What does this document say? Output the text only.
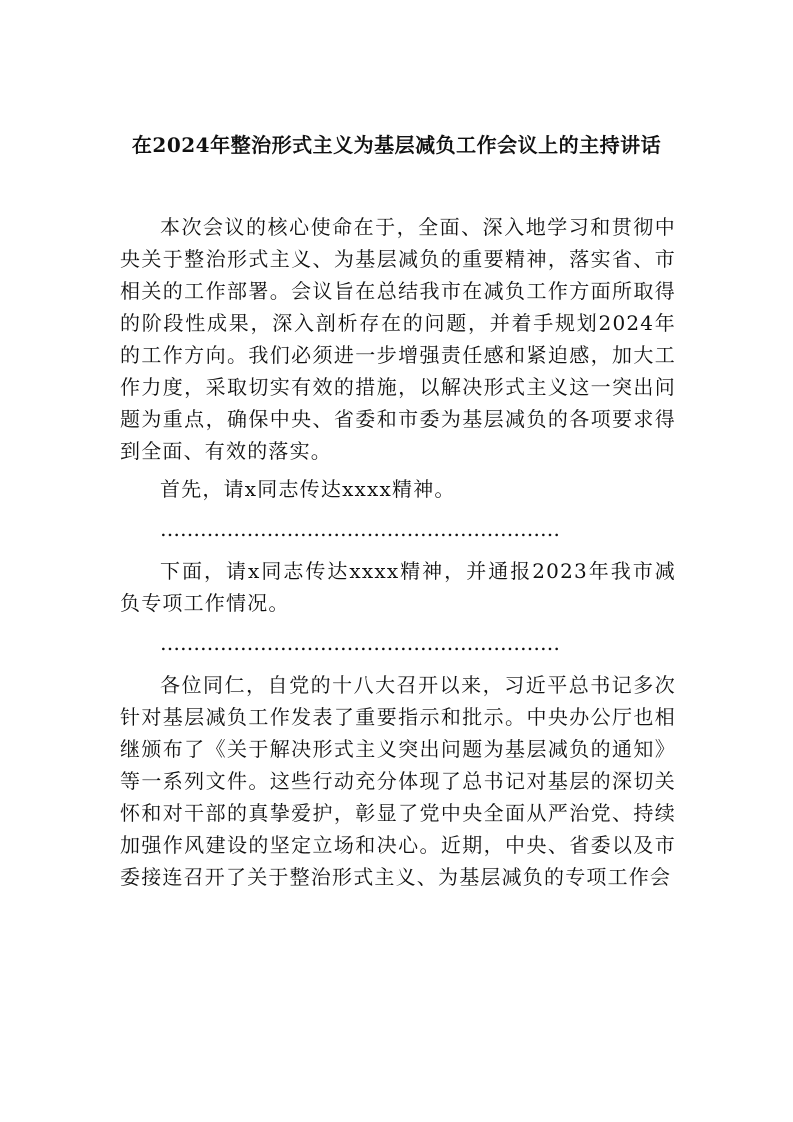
在2024年整治形式主义为基层减负工作会议上的主持讲话

本次会议的核心使命在于，全面、深入地学习和贯彻中央关于整治形式主义、为基层减负的重要精神，落实省、市相关的工作部署。会议旨在总结我市在减负工作方面所取得的阶段性成果，深入剖析存在的问题，并着手规划2024年的工作方向。我们必须进一步增强责任感和紧迫感，加大工作力度，采取切实有效的措施，以解决形式主义这一突出问题为重点，确保中央、省委和市委为基层减负的各项要求得到全面、有效的落实。

首先，请x同志传达xxxx精神。

……………………………………………………

下面，请x同志传达xxxx精神，并通报2023年我市减负专项工作情况。

……………………………………………………

各位同仁，自党的十八大召开以来，习近平总书记多次针对基层减负工作发表了重要指示和批示。中央办公厅也相继颁布了《关于解决形式主义突出问题为基层减负的通知》等一系列文件。这些行动充分体现了总书记对基层的深切关怀和对干部的真挚爱护，彰显了党中央全面从严治党、持续加强作风建设的坚定立场和决心。近期，中央、省委以及市委接连召开了关于整治形式主义、为基层减负的专项工作会
